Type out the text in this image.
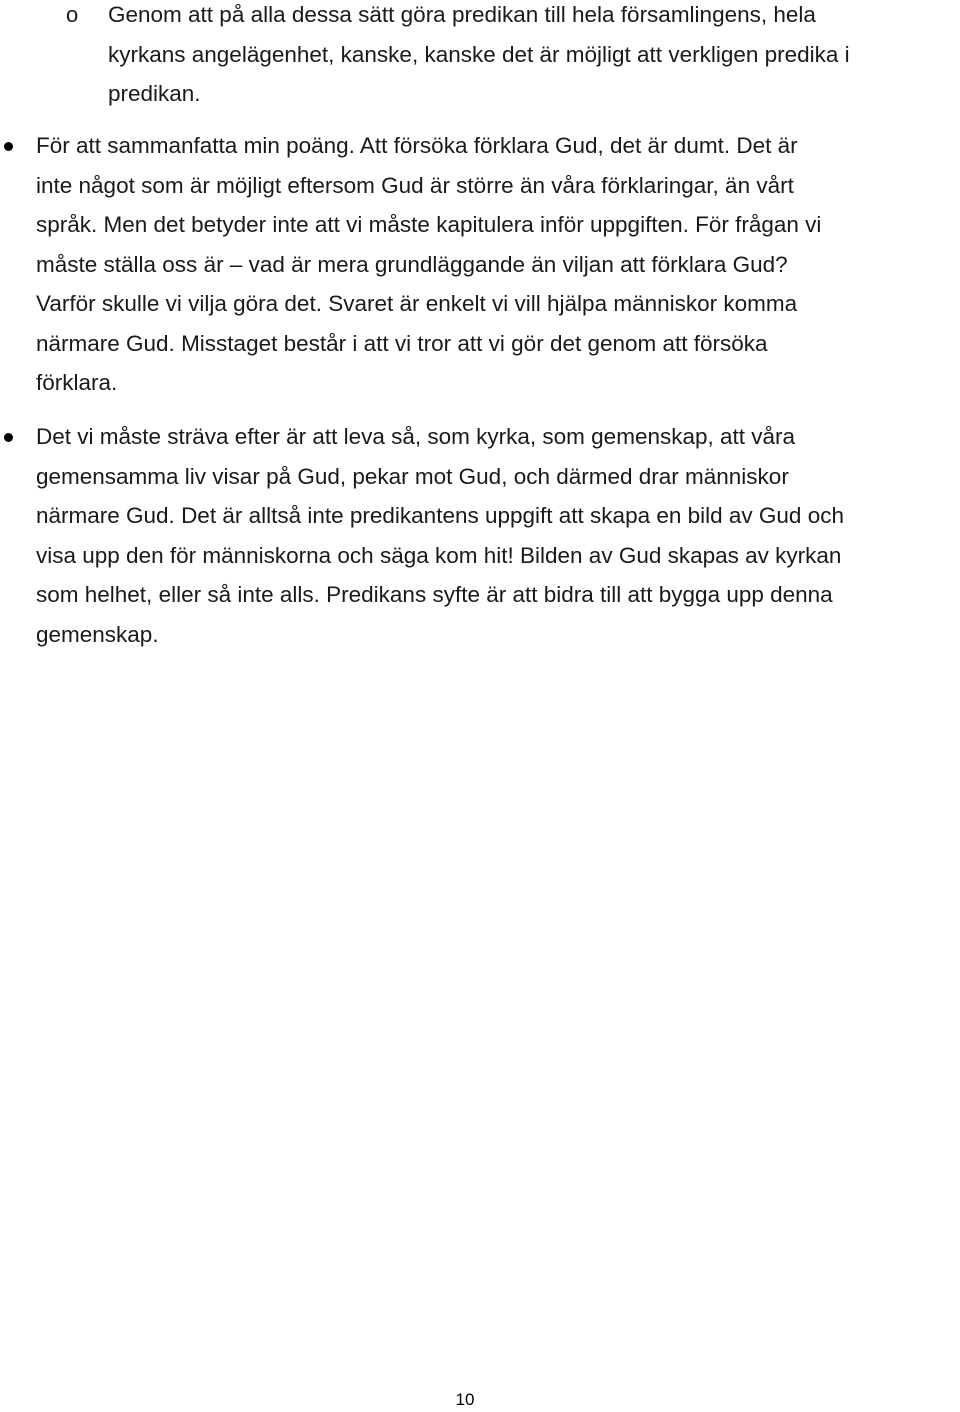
o Genom att på alla dessa sätt göra predikan till hela församlingens, hela
kyrkans angelägenhet, kanske, kanske det är möjligt att verkligen predika i
predikan.
För att sammanfatta min poäng. Att försöka förklara Gud, det är dumt. Det är
inte något som är möjligt eftersom Gud är större än våra förklaringar, än vårt
språk. Men det betyder inte att vi måste kapitulera inför uppgiften. För frågan vi
måste ställa oss är – vad är mera grundläggande än viljan att förklara Gud?
Varför skulle vi vilja göra det. Svaret är enkelt vi vill hjälpa människor komma
närmare Gud. Misstaget består i att vi tror att vi gör det genom att försöka
förklara.
Det vi måste sträva efter är att leva så, som kyrka, som gemenskap, att våra
gemensamma liv visar på Gud, pekar mot Gud, och därmed drar människor
närmare Gud. Det är alltså inte predikantens uppgift att skapa en bild av Gud och
visa upp den för människorna och säga kom hit! Bilden av Gud skapas av kyrkan
som helhet, eller så inte alls. Predikans syfte är att bidra till att bygga upp denna
gemenskap.
10
